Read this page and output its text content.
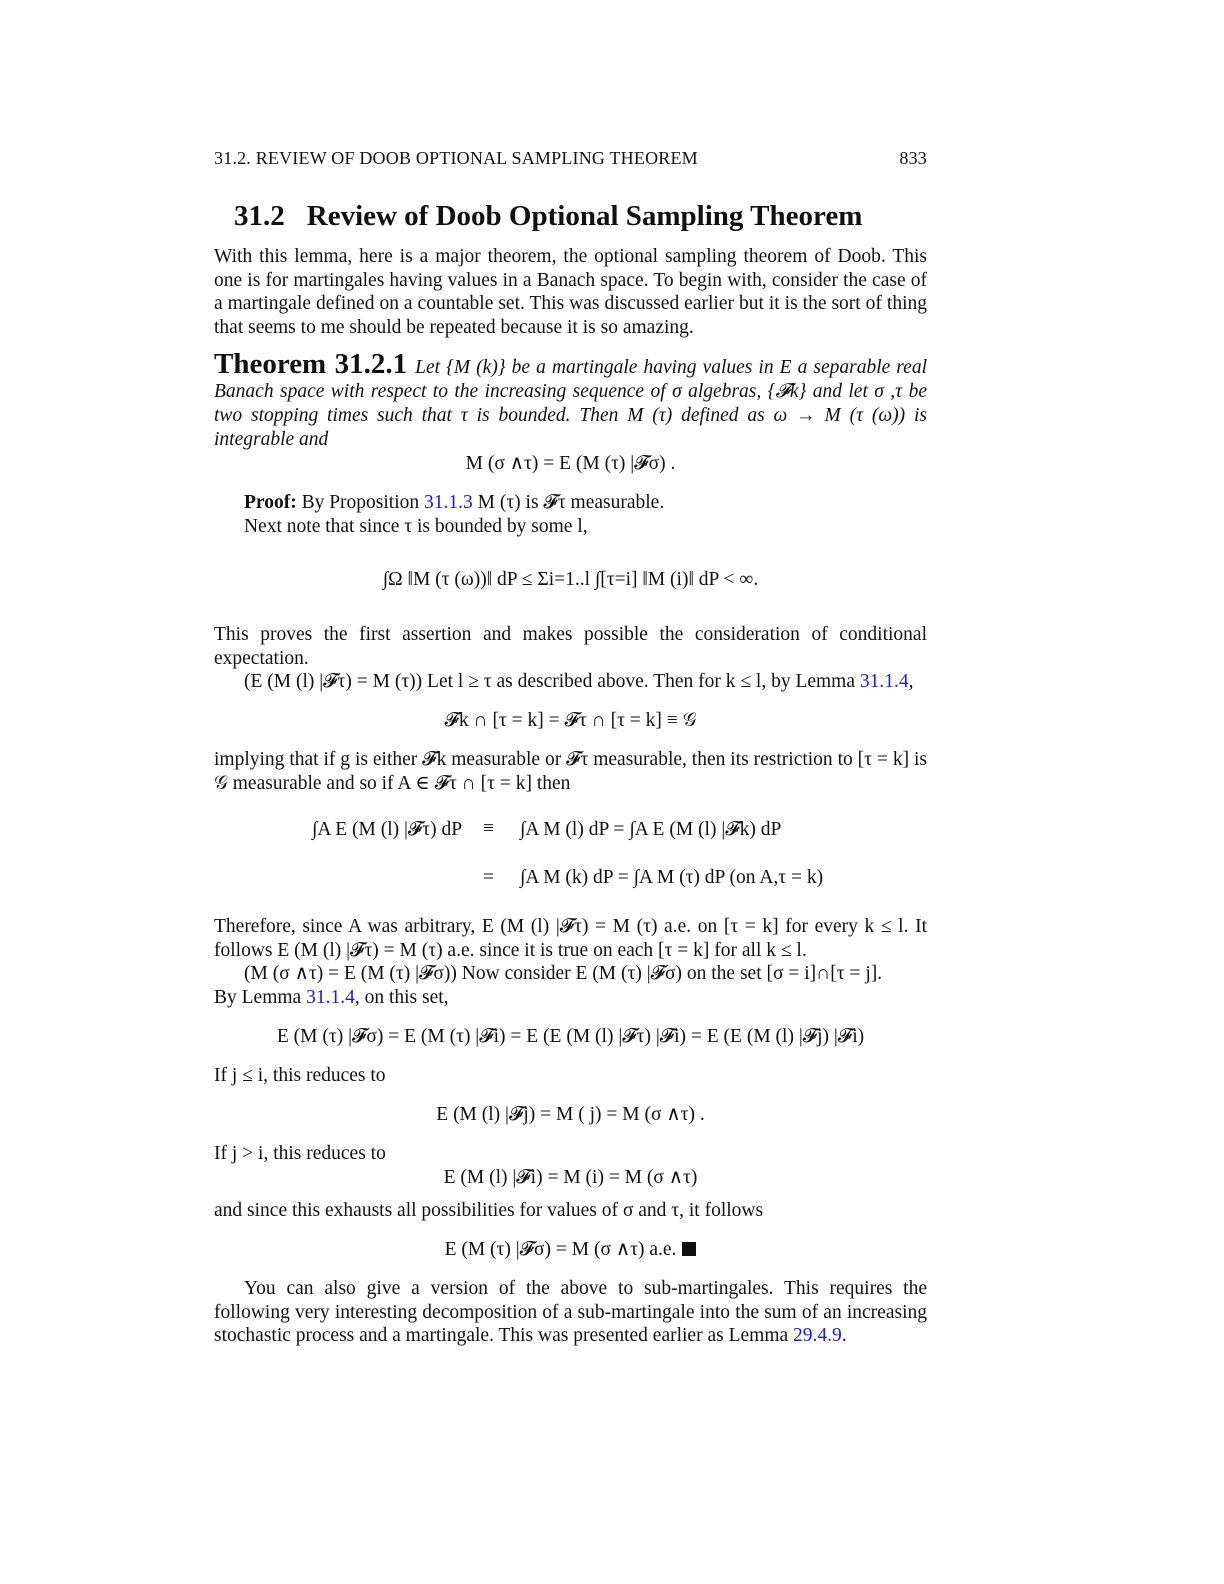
31.2. REVIEW OF DOOB OPTIONAL SAMPLING THEOREM	833
31.2 Review of Doob Optional Sampling Theorem

With this lemma, here is a major theorem, the optional sampling theorem of Doob. This one is for martingales having values in a Banach space. To begin with, consider the case of a martingale defined on a countable set. This was discussed earlier but it is the sort of thing that seems to me should be repeated because it is so amazing.

Theorem 31.2.1 Let {M (k)} be a martingale having values in E a separable real Banach space with respect to the increasing sequence of σ algebras, {𝓕k} and let σ ,τ be two stopping times such that τ is bounded. Then M (τ) defined as ω → M (τ (ω)) is integrable and

M (σ ∧τ) = E (M (τ) |𝓕σ) .

Proof: By Proposition 31.1.3 M (τ) is 𝓕τ measurable.

Next note that since τ is bounded by some l,

∫Ω ‖M (τ (ω))‖ dP ≤ Σi=1..l ∫[τ=i] ‖M (i)‖ dP < ∞.

This proves the first assertion and makes possible the consideration of conditional expectation.

(E (M (l) |𝓕τ) = M (τ)) Let l ≥ τ as described above. Then for k ≤ l, by Lemma 31.1.4,

𝓕k ∩ [τ = k] = 𝓕τ ∩ [τ = k] ≡ 𝒢

implying that if g is either 𝓕k measurable or 𝓕τ measurable, then its restriction to [τ = k] is 𝒢 measurable and so if A ∈ 𝓕τ ∩ [τ = k] then

∫A E (M (l) |𝓕τ) dP ≡ ∫A M (l) dP = ∫A E (M (l) |𝓕k) dP
= ∫A M (k) dP = ∫A M (τ) dP (on A,τ = k)

Therefore, since A was arbitrary, E (M (l) |𝓕τ) = M (τ) a.e. on [τ = k] for every k ≤ l. It follows E (M (l) |𝓕τ) = M (τ) a.e. since it is true on each [τ = k] for all k ≤ l.

(M (σ ∧τ) = E (M (τ) |𝓕σ)) Now consider E (M (τ) |𝓕σ) on the set [σ = i]∩[τ = j].

By Lemma 31.1.4, on this set,

E (M (τ) |𝓕σ) = E (M (τ) |𝓕i) = E (E (M (l) |𝓕τ) |𝓕i) = E (E (M (l) |𝓕j) |𝓕i)

If j ≤ i, this reduces to

E (M (l) |𝓕j) = M ( j) = M (σ ∧τ) .

If j > i, this reduces to

E (M (l) |𝓕i) = M (i) = M (σ ∧τ)

and since this exhausts all possibilities for values of σ and τ, it follows

E (M (τ) |𝓕σ) = M (σ ∧τ) a.e.

You can also give a version of the above to sub-martingales. This requires the following very interesting decomposition of a sub-martingale into the sum of an increasing stochastic process and a martingale. This was presented earlier as Lemma 29.4.9.
